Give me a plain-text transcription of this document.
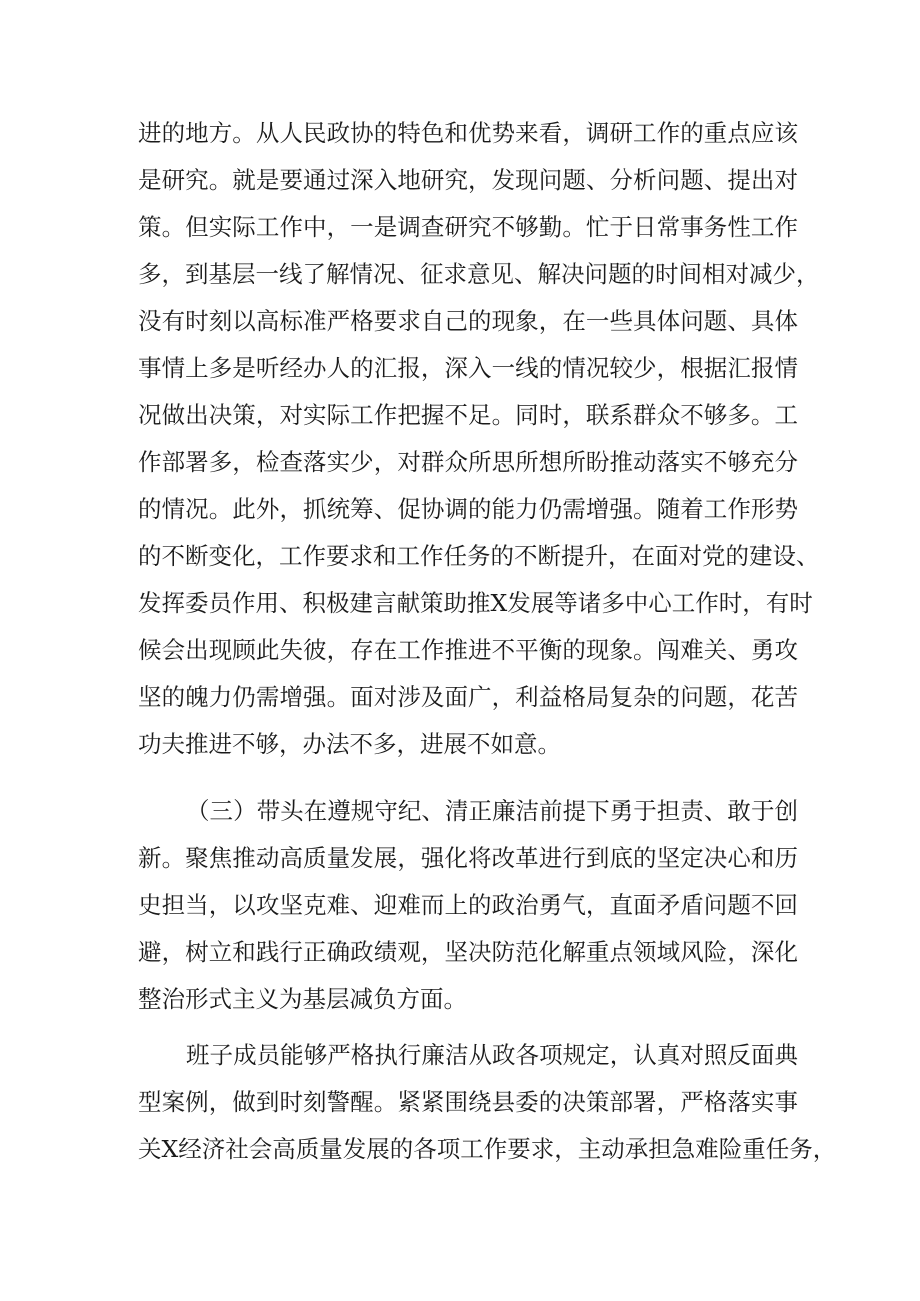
进的地方。从人民政协的特色和优势来看，调研工作的重点应该
是研究。就是要通过深入地研究，发现问题、分析问题、提出对
策。但实际工作中，一是调查研究不够勤。忙于日常事务性工作
多，到基层一线了解情况、征求意见、解决问题的时间相对减少，
没有时刻以高标准严格要求自己的现象，在一些具体问题、具体
事情上多是听经办人的汇报，深入一线的情况较少，根据汇报情
况做出决策，对实际工作把握不足。同时，联系群众不够多。工
作部署多，检查落实少，对群众所思所想所盼推动落实不够充分
的情况。此外，抓统筹、促协调的能力仍需增强。随着工作形势
的不断变化，工作要求和工作任务的不断提升，在面对党的建设、
发挥委员作用、积极建言献策助推X发展等诸多中心工作时，有时
候会出现顾此失彼，存在工作推进不平衡的现象。闯难关、勇攻
坚的魄力仍需增强。面对涉及面广，利益格局复杂的问题，花苦
功夫推进不够，办法不多，进展不如意。
（三）带头在遵规守纪、清正廉洁前提下勇于担责、敢于创
新。聚焦推动高质量发展，强化将改革进行到底的坚定决心和历
史担当，以攻坚克难、迎难而上的政治勇气，直面矛盾问题不回
避，树立和践行正确政绩观，坚决防范化解重点领域风险，深化
整治形式主义为基层减负方面。
班子成员能够严格执行廉洁从政各项规定，认真对照反面典
型案例，做到时刻警醒。紧紧围绕县委的决策部署，严格落实事
关X经济社会高质量发展的各项工作要求，主动承担急难险重任务，
